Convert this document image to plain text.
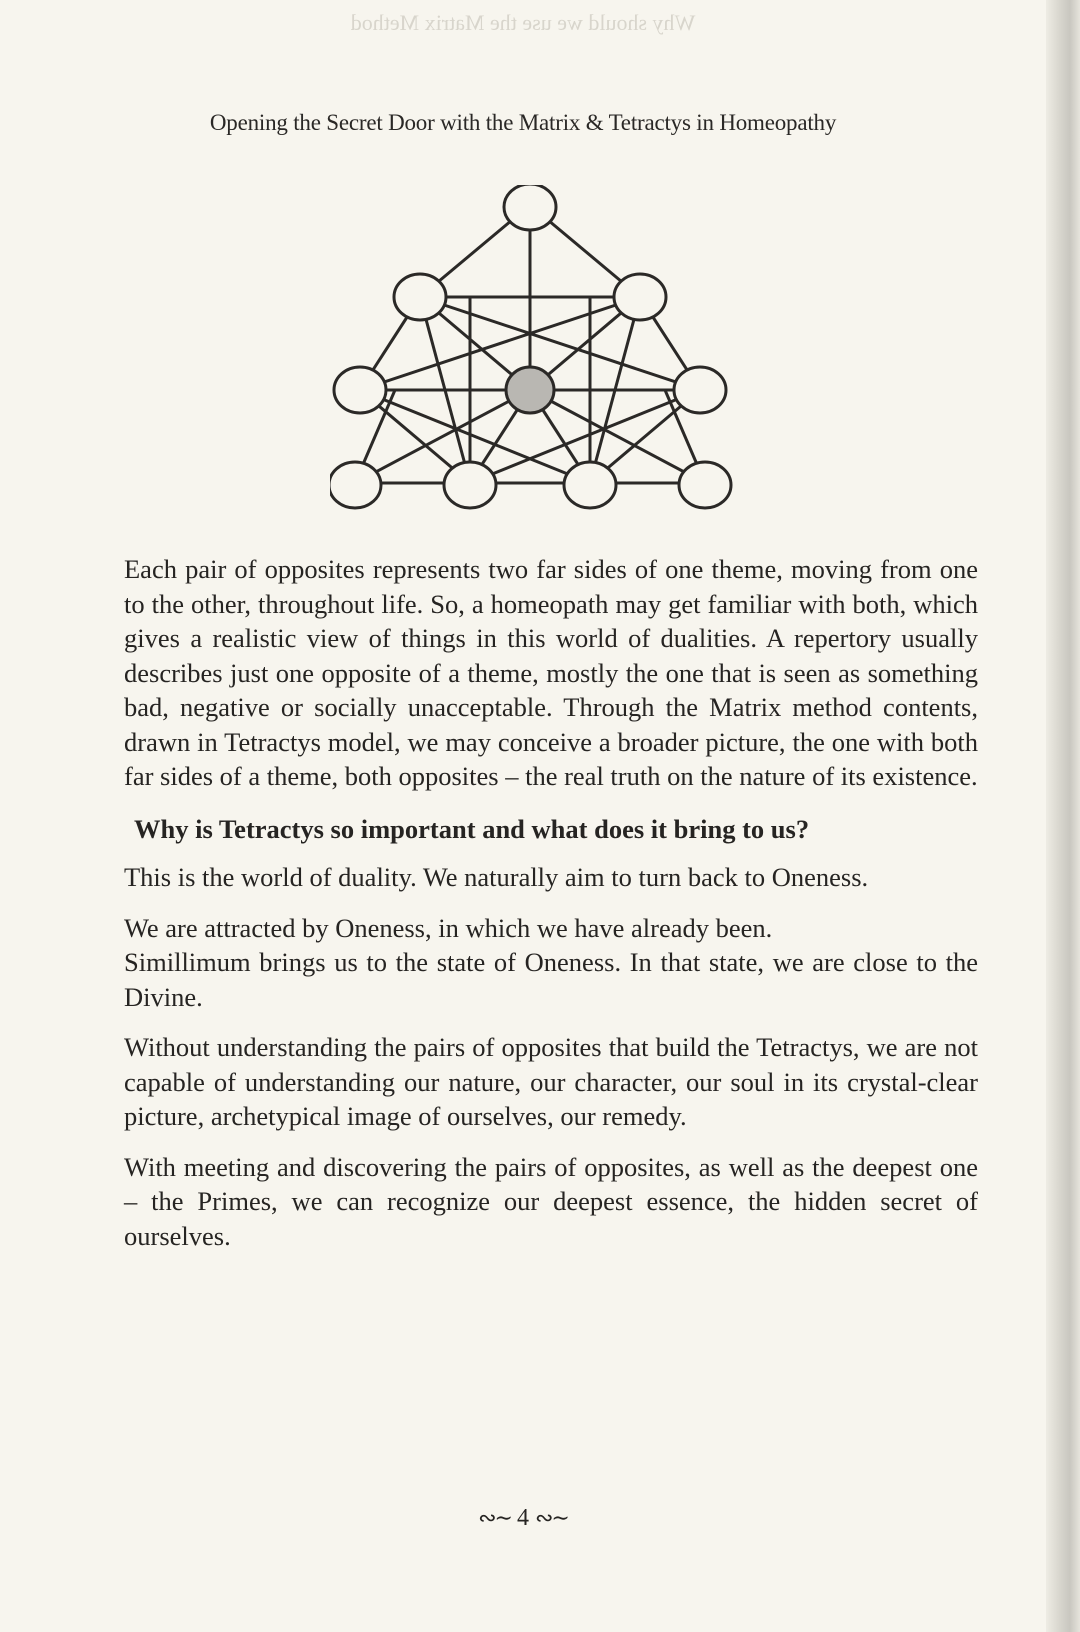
Why should we use the Matrix Method
Opening the Secret Door with the Matrix & Tetractys in Homeopathy

Each pair of opposites represents two far sides of one theme, moving from one to the other, throughout life. So, a homeopath may get familiar with both, which gives a realistic view of things in this world of dualities. A repertory usually describes just one opposite of a theme, mostly the one that is seen as something bad, negative or socially unacceptable. Through the Matrix method contents, drawn in Tetractys model, we may conceive a broader picture, the one with both far sides of a theme, both opposites – the real truth on the nature of its existence.

Why is Tetractys so important and what does it bring to us?

This is the world of duality. We naturally aim to turn back to Oneness.

We are attracted by Oneness, in which we have already been.

Simillimum brings us to the state of Oneness. In that state, we are close to the Divine.

Without understanding the pairs of opposites that build the Tetractys, we are not capable of understanding our nature, our character, our soul in its crystal-clear picture, archetypical image of ourselves, our remedy.

With meeting and discovering the pairs of opposites, as well as the deepest one – the Primes, we can recognize our deepest essence, the hidden secret of ourselves.

∾∼ 4 ∾∼
